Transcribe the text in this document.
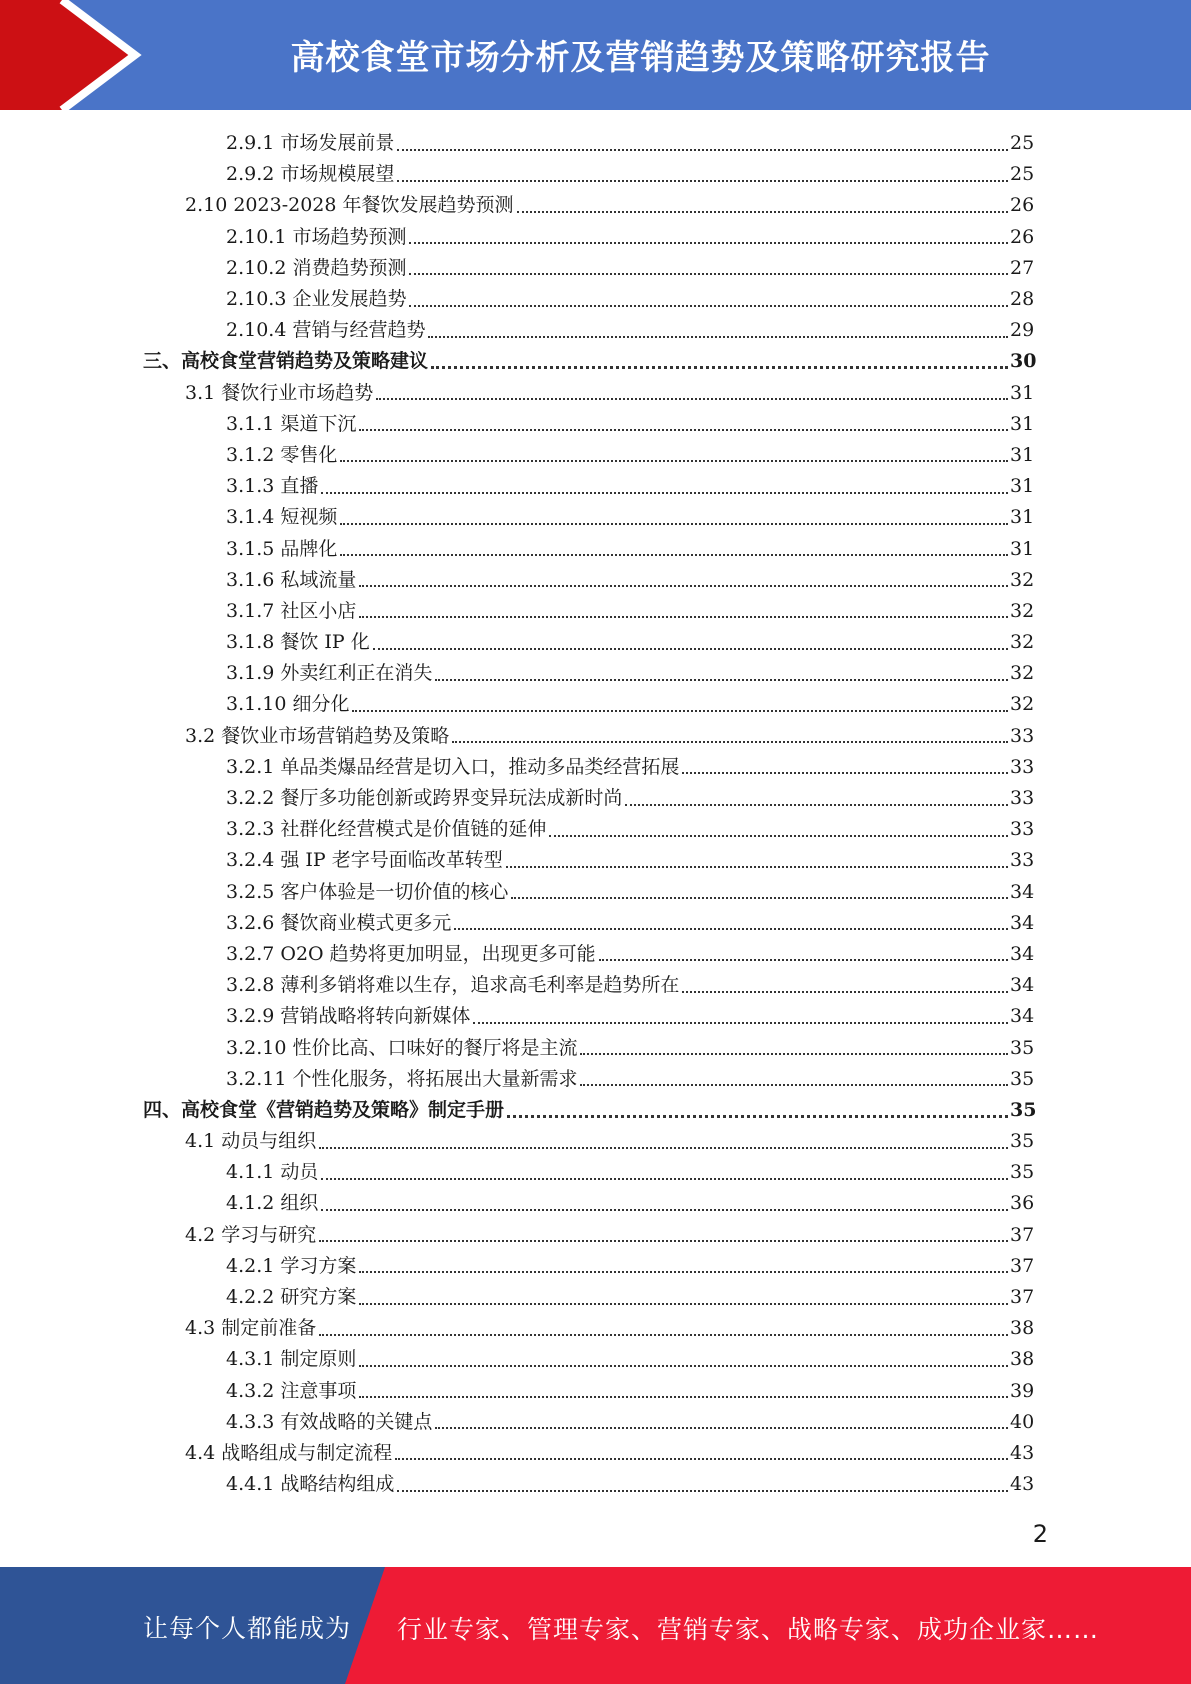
高校食堂市场分析及营销趋势及策略研究报告
2.9.1 市场发展前景	25
2.9.2 市场规模展望	25
2.10 2023-2028 年餐饮发展趋势预测	26
2.10.1 市场趋势预测	26
2.10.2 消费趋势预测	27
2.10.3 企业发展趋势	28
2.10.4 营销与经营趋势	29
三、高校食堂营销趋势及策略建议	30
3.1 餐饮行业市场趋势	31
3.1.1 渠道下沉	31
3.1.2 零售化	31
3.1.3 直播	31
3.1.4 短视频	31
3.1.5 品牌化	31
3.1.6 私域流量	32
3.1.7 社区小店	32
3.1.8 餐饮 IP 化	32
3.1.9 外卖红利正在消失	32
3.1.10 细分化	32
3.2 餐饮业市场营销趋势及策略	33
3.2.1 单品类爆品经营是切入口，推动多品类经营拓展	33
3.2.2 餐厅多功能创新或跨界变异玩法成新时尚	33
3.2.3 社群化经营模式是价值链的延伸	33
3.2.4 强 IP 老字号面临改革转型	33
3.2.5 客户体验是一切价值的核心	34
3.2.6 餐饮商业模式更多元	34
3.2.7 O2O 趋势将更加明显，出现更多可能	34
3.2.8 薄利多销将难以生存，追求高毛利率是趋势所在	34
3.2.9 营销战略将转向新媒体	34
3.2.10 性价比高、口味好的餐厅将是主流	35
3.2.11 个性化服务，将拓展出大量新需求	35
四、高校食堂《营销趋势及策略》制定手册	35
4.1 动员与组织	35
4.1.1 动员	35
4.1.2 组织	36
4.2 学习与研究	37
4.2.1 学习方案	37
4.2.2 研究方案	37
4.3 制定前准备	38
4.3.1 制定原则	38
4.3.2 注意事项	39
4.3.3 有效战略的关键点	40
4.4 战略组成与制定流程	43
4.4.1 战略结构组成	43
2
让每个人都能成为 行业专家、管理专家、营销专家、战略专家、成功企业家……
